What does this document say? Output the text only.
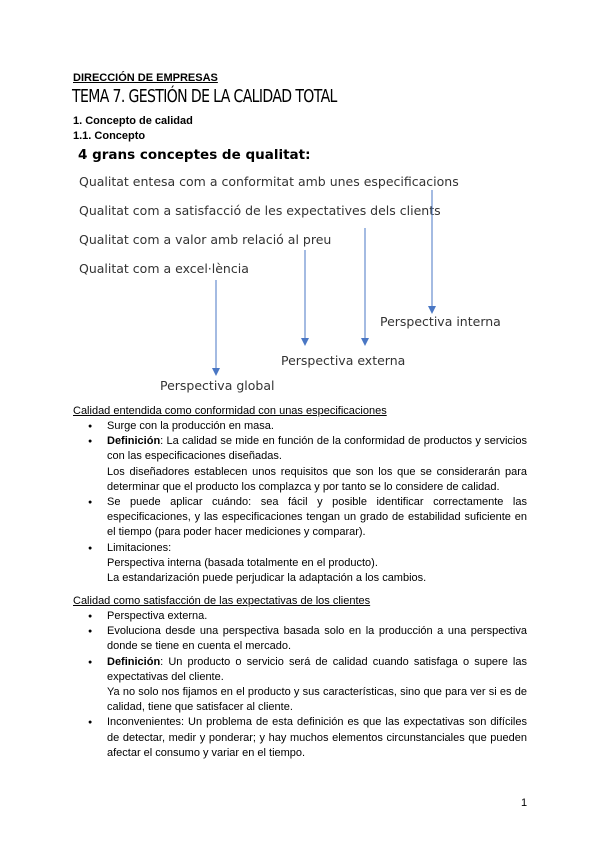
DIRECCIÓN DE EMPRESAS
TEMA 7. GESTIÓN DE LA CALIDAD TOTAL
1. Concepto de calidad
1.1. Concepto
4 grans conceptes de qualitat:
Qualitat entesa com a conformitat amb unes especificacions
Qualitat com a satisfacció de les expectatives dels clients
Qualitat com a valor amb relació al preu
Qualitat com a excel·lència
Perspectiva interna
Perspectiva externa
Perspectiva global
Calidad entendida como conformidad con unas especificaciones
● Surge con la producción en masa.
● Definición: La calidad se mide en función de la conformidad de productos y servicios con las especificaciones diseñadas.

Los diseñadores establecen unos requisitos que son los que se considerarán para determinar que el producto los complazca y por tanto se lo considere de calidad.

● Se puede aplicar cuándo: sea fácil y posible identificar correctamente las especificaciones, y las especificaciones tengan un grado de estabilidad suficiente en el tiempo (para poder hacer mediciones y comparar).
● Limitaciones:

Perspectiva interna (basada totalmente en el producto).

La estandarización puede perjudicar la adaptación a los cambios.

Calidad como satisfacción de las expectativas de los clientes
● Perspectiva externa.
● Evoluciona desde una perspectiva basada solo en la producción a una perspectiva donde se tiene en cuenta el mercado.
● Definición: Un producto o servicio será de calidad cuando satisfaga o supere las expectativas del cliente.

Ya no solo nos fijamos en el producto y sus características, sino que para ver si es de calidad, tiene que satisfacer al cliente.

● Inconvenientes: Un problema de esta definición es que las expectativas son difíciles de detectar, medir y ponderar; y hay muchos elementos circunstanciales que pueden afectar el consumo y variar en el tiempo.
1
